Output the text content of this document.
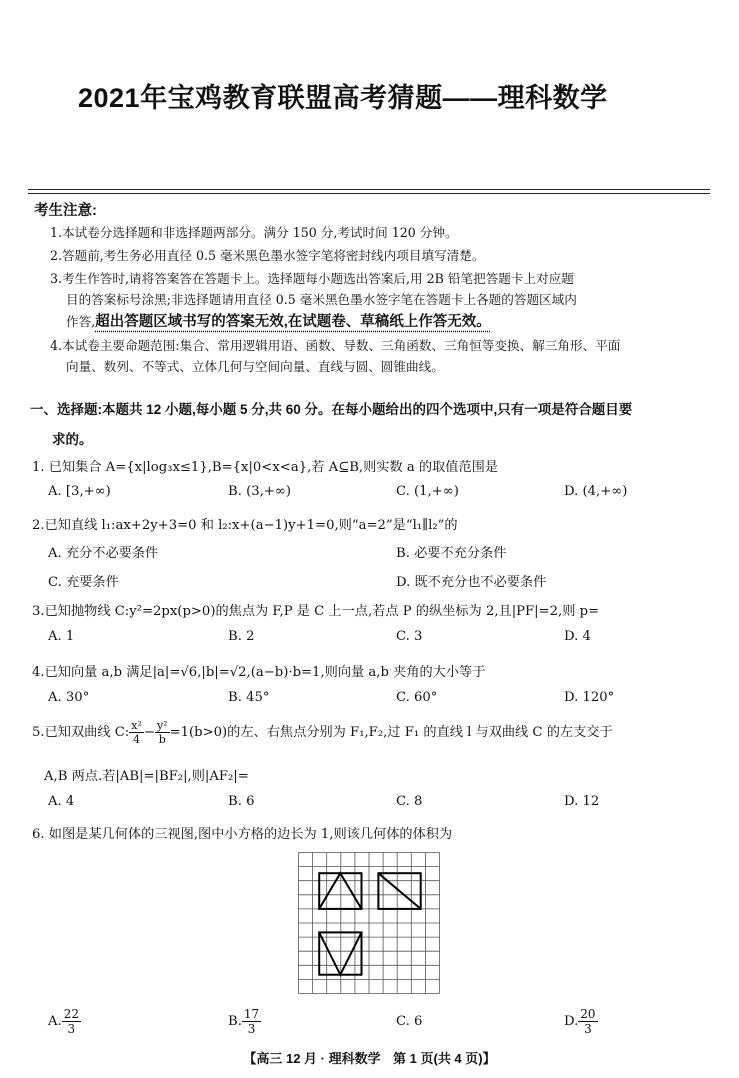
2021年宝鸡教育联盟高考猜题——理科数学
考生注意:
1.本试卷分选择题和非选择题两部分。满分 150 分,考试时间 120 分钟。
2.答题前,考生务必用直径 0.5 毫米黑色墨水签字笔将密封线内项目填写清楚。
3.考生作答时,请将答案答在答题卡上。选择题每小题选出答案后,用 2B 铅笔把答题卡上对应题
目的答案标号涂黑;非选择题请用直径 0.5 毫米黑色墨水签字笔在答题卡上各题的答题区域内
作答,超出答题区域书写的答案无效,在试题卷、草稿纸上作答无效。
4.本试卷主要命题范围:集合、常用逻辑用语、函数、导数、三角函数、三角恒等变换、解三角形、平面
向量、数列、不等式、立体几何与空间向量、直线与圆、圆锥曲线。
一、选择题:本题共 12 小题,每小题 5 分,共 60 分。在每小题给出的四个选项中,只有一项是符合题目要
求的。
1. 已知集合 A={x|log₃x≤1},B={x|0<x<a},若 A⊆B,则实数 a 的取值范围是
A. [3,+∞)	B. (3,+∞)	C. (1,+∞)	D. (4,+∞)
2.已知直线 l₁:ax+2y+3=0 和 l₂:x+(a−1)y+1=0,则“a=2”是“l₁∥l₂”的
A. 充分不必要条件	B. 必要不充分条件
C. 充要条件	D. 既不充分也不必要条件
3.已知抛物线 C:y²=2px(p>0)的焦点为 F,P 是 C 上一点,若点 P 的纵坐标为 2,且|PF|=2,则 p=
A. 1	B. 2	C. 3	D. 4
4.已知向量 a,b 满足|a|=√6,|b|=√2,(a−b)·b=1,则向量 a,b 夹角的大小等于
A. 30°	B. 45°	C. 60°	D. 120°
5.已知双曲线 C: $\frac{\text{x²}}{4} - \frac{\text{y²}}{b} =1(b>0)$的左、右焦点分别为 F₁,F₂,过 F₁ 的直线 l 与双曲线 C 的左支交于
A,B 两点.若|AB|=|BF₂|,则|AF₂|=
A. 4	B. 6	C. 8	D. 12
6. 如图是某几何体的三视图,图中小方格的边长为 1,则该几何体的体积为
A. $\frac{22}{3}$	B. $\frac{17}{3}$	C. 6	D. $\frac{20}{3}$
【高三 12 月 · 理科数学 第 1 页(共 4 页)】
